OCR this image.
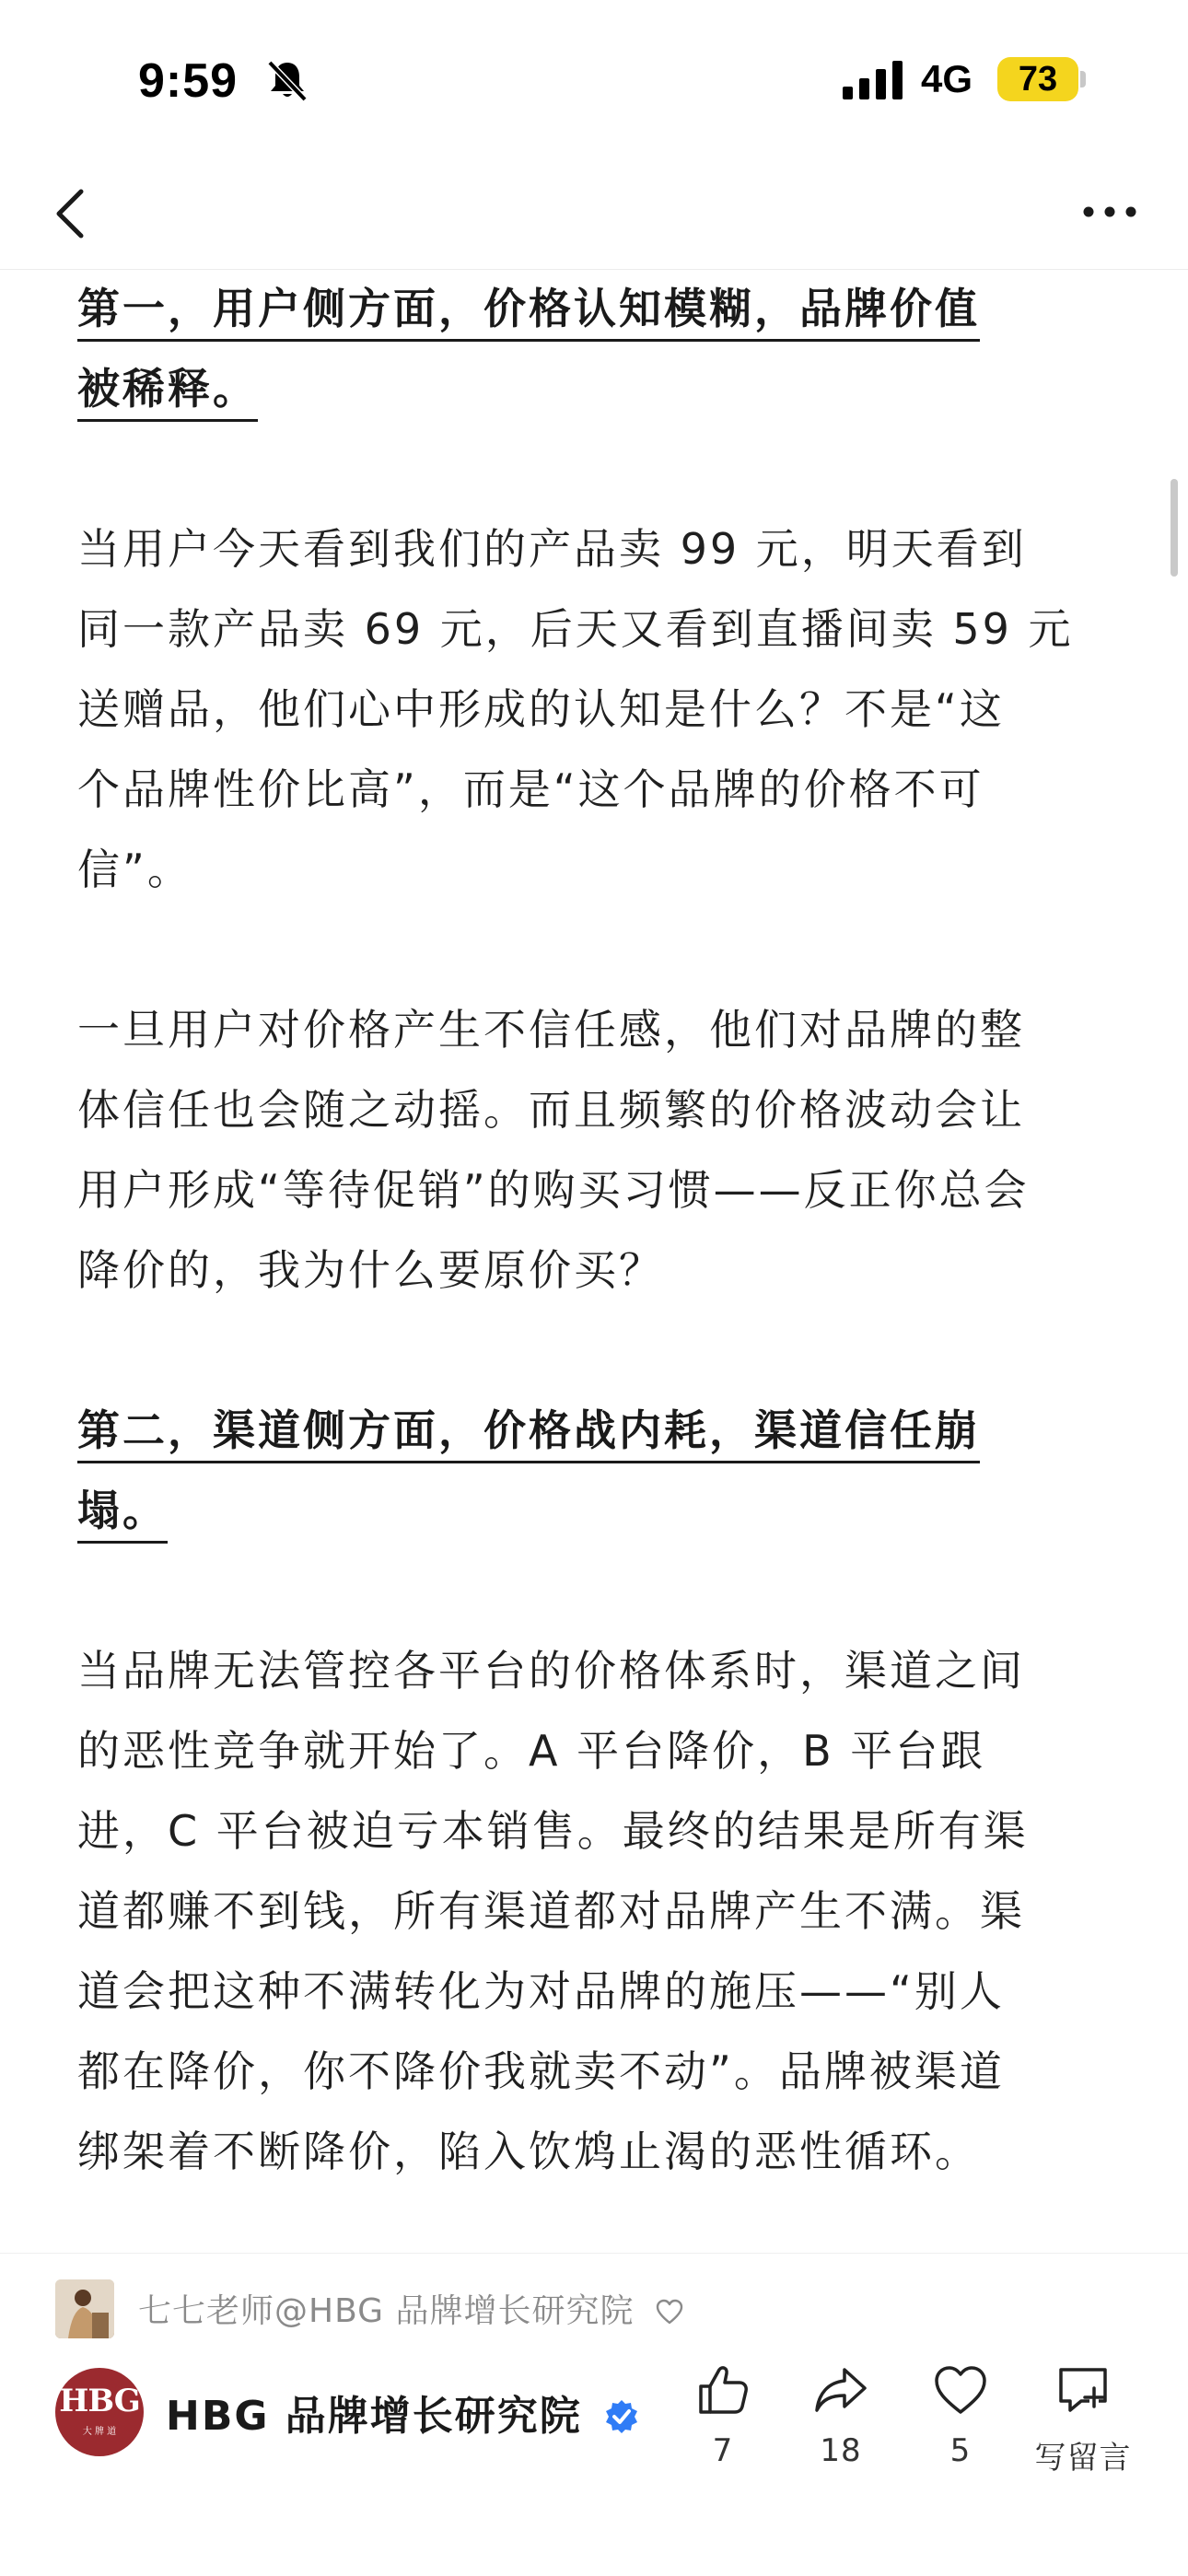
9:59	4G	73

第一，用户侧方面，价格认知模糊，品牌价值
被稀释。

当用户今天看到我们的产品卖 99 元，明天看到
同一款产品卖 69 元，后天又看到直播间卖 59 元
送赠品，他们心中形成的认知是什么？不是“这
个品牌性价比高”，而是“这个品牌的价格不可
信”。

一旦用户对价格产生不信任感，他们对品牌的整
体信任也会随之动摇。而且频繁的价格波动会让
用户形成“等待促销”的购买习惯——反正你总会
降价的，我为什么要原价买？

第二，渠道侧方面，价格战内耗，渠道信任崩
塌。

当品牌无法管控各平台的价格体系时，渠道之间
的恶性竞争就开始了。A 平台降价，B 平台跟
进，C 平台被迫亏本销售。最终的结果是所有渠
道都赚不到钱，所有渠道都对品牌产生不满。渠
道会把这种不满转化为对品牌的施压——“别人
都在降价，你不降价我就卖不动”。品牌被渠道
绑架着不断降价，陷入饮鸩止渴的恶性循环。

七七老师@HBG 品牌增长研究院
HBG
大 牌 道	HBG 品牌增长研究院
7	18	5	写留言
